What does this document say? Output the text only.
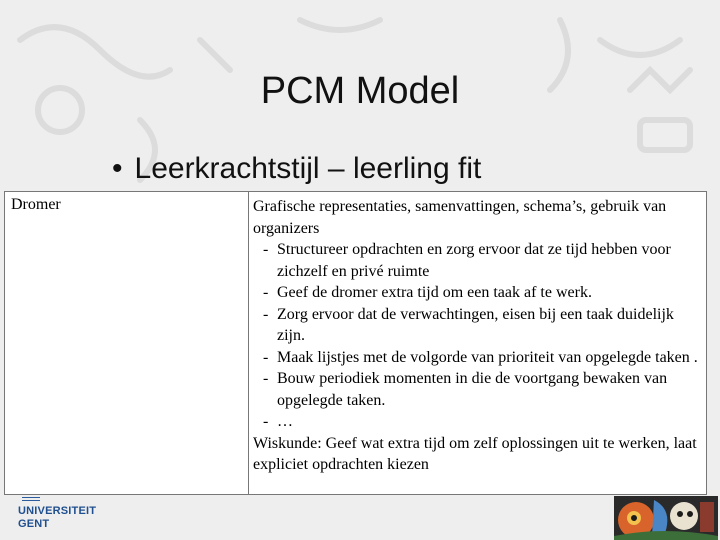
PCM Model
• Leerkrachtstijl – leerling fit
Dromer	Grafische representaties, samenvattingen, schema’s, gebruik van organizers

- Structureer opdrachten en zorg ervoor dat ze tijd hebben voor zichzelf en privé ruimte
- Geef de dromer extra tijd om een taak af te werk.
- Zorg ervoor dat de verwachtingen, eisen bij een taak duidelijk zijn.
- Maak lijstjes met de volgorde van prioriteit van opgelegde taken .
- Bouw periodiek momenten in die de voortgang bewaken van opgelegde taken.
- …

Wiskunde: Geef wat extra tijd om zelf oplossingen uit te werken, laat expliciet opdrachten kiezen

UNIVERSITEIT
GENT
